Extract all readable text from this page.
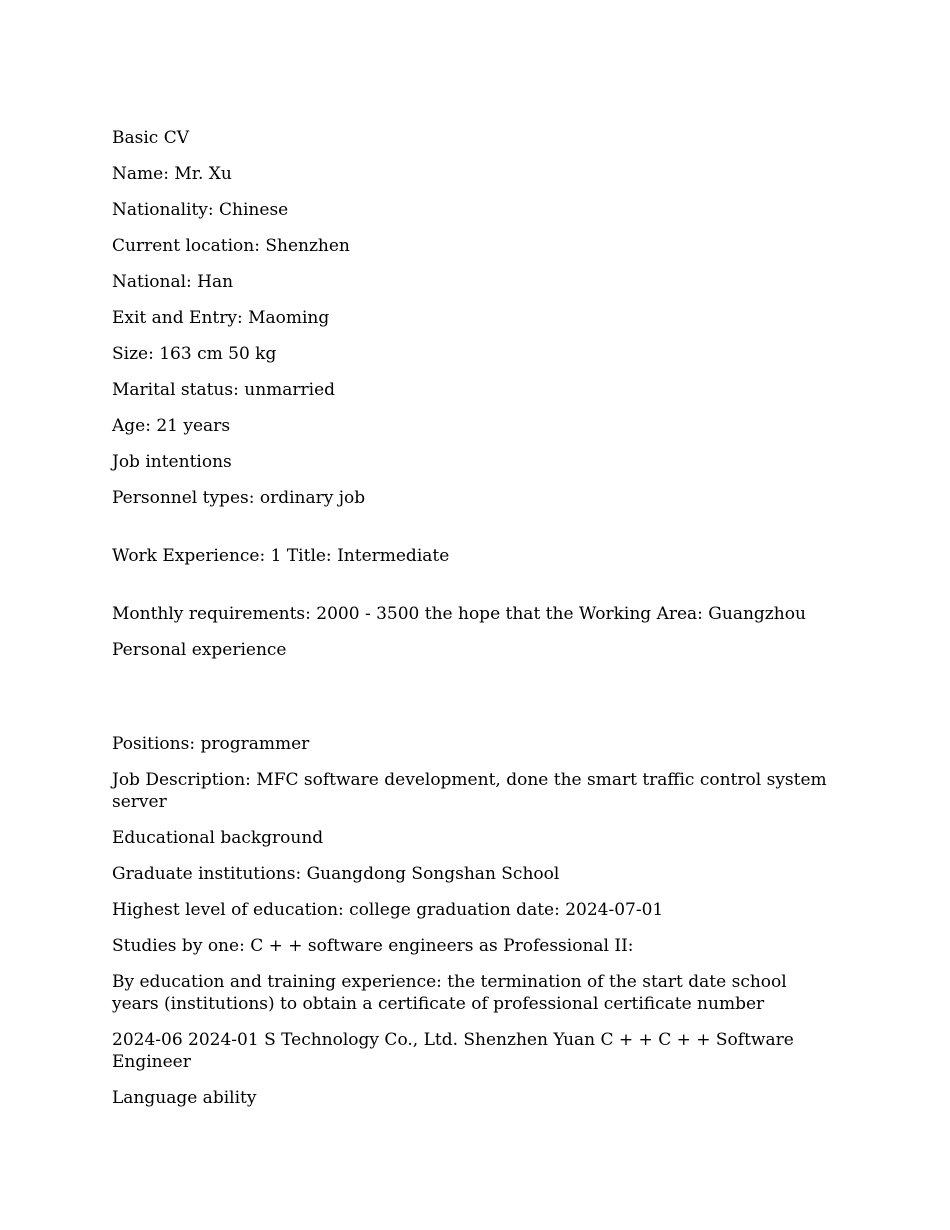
Basic CV

Name: Mr. Xu

Nationality: Chinese

Current location: Shenzhen

National: Han

Exit and Entry: Maoming

Size: 163 cm 50 kg

Marital status: unmarried

Age: 21 years

Job intentions

Personnel types: ordinary job

Work Experience: 1 Title: Intermediate

Monthly requirements: 2000 - 3500 the hope that the Working Area: Guangzhou

Personal experience

Positions: programmer

Job Description: MFC software development, done the smart traffic control system server

Educational background

Graduate institutions: Guangdong Songshan School

Highest level of education: college graduation date: 2024-07-01

Studies by one: C + + software engineers as Professional II:

By education and training experience: the termination of the start date school years (institutions) to obtain a certificate of professional certificate number

2024-06 2024-01 S Technology Co., Ltd. Shenzhen Yuan C + + C + + Software Engineer

Language ability
